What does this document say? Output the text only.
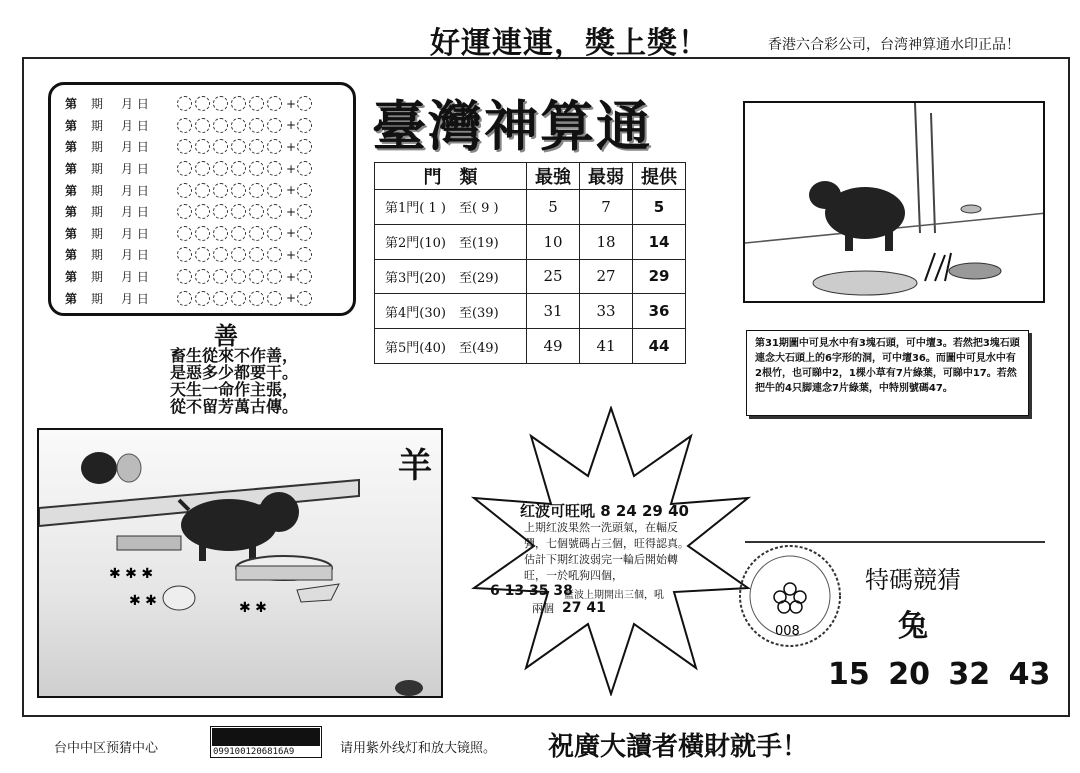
好運連連，獎上獎！	香港六合彩公司，台湾神算通水印正品！
第	期	月 日	+
第	期	月 日	+
第	期	月 日	+
第	期	月 日	+
第	期	月 日	+
第	期	月 日	+
第	期	月 日	+
第	期	月 日	+
第	期	月 日	+
第	期	月 日	+
臺灣神算通
門　類	最強	最弱	提供
第1門( 1 )　至( 9 )	5	7	5
第2門(10)　至(19)	10	18	14
第3門(20)　至(29)	25	27	29
第4門(30)　至(39)	31	33	36
第5門(40)　至(49)	49	41	44
善
畜生從來不作善，
是惡多少都要干。
天生一命作主張，
從不留芳萬古傳。
✱ ✱ ✱
✱ ✱	✱ ✱
羊
第31期圖中可見水中有3塊石頭，可中壇3。若然把3塊石頭連念大石頭上的6字形的洞，可中壇36。而圖中可見水中有2根竹，也可睇中2，1棵小草有7片綠葉，可睇中17。若然把牛的4只脚連念7片綠葉，中特別號碼47。
红波可旺吼 8 24 29 40
上期红波果然一洗頭氣，在輻反彈，七個號碼占三個，旺得認真。估計下期红波弱完一輪后開始轉旺，一於吼狗四個，
6 13 35 38
藍波上期開出三個，吼
兩個 27 41
008
特碼競猜
兔
15 20 32 43
台中中区预猜中心	0991001206816A9	请用紫外线灯和放大镜照。 祝廣大讀者橫財就手！
